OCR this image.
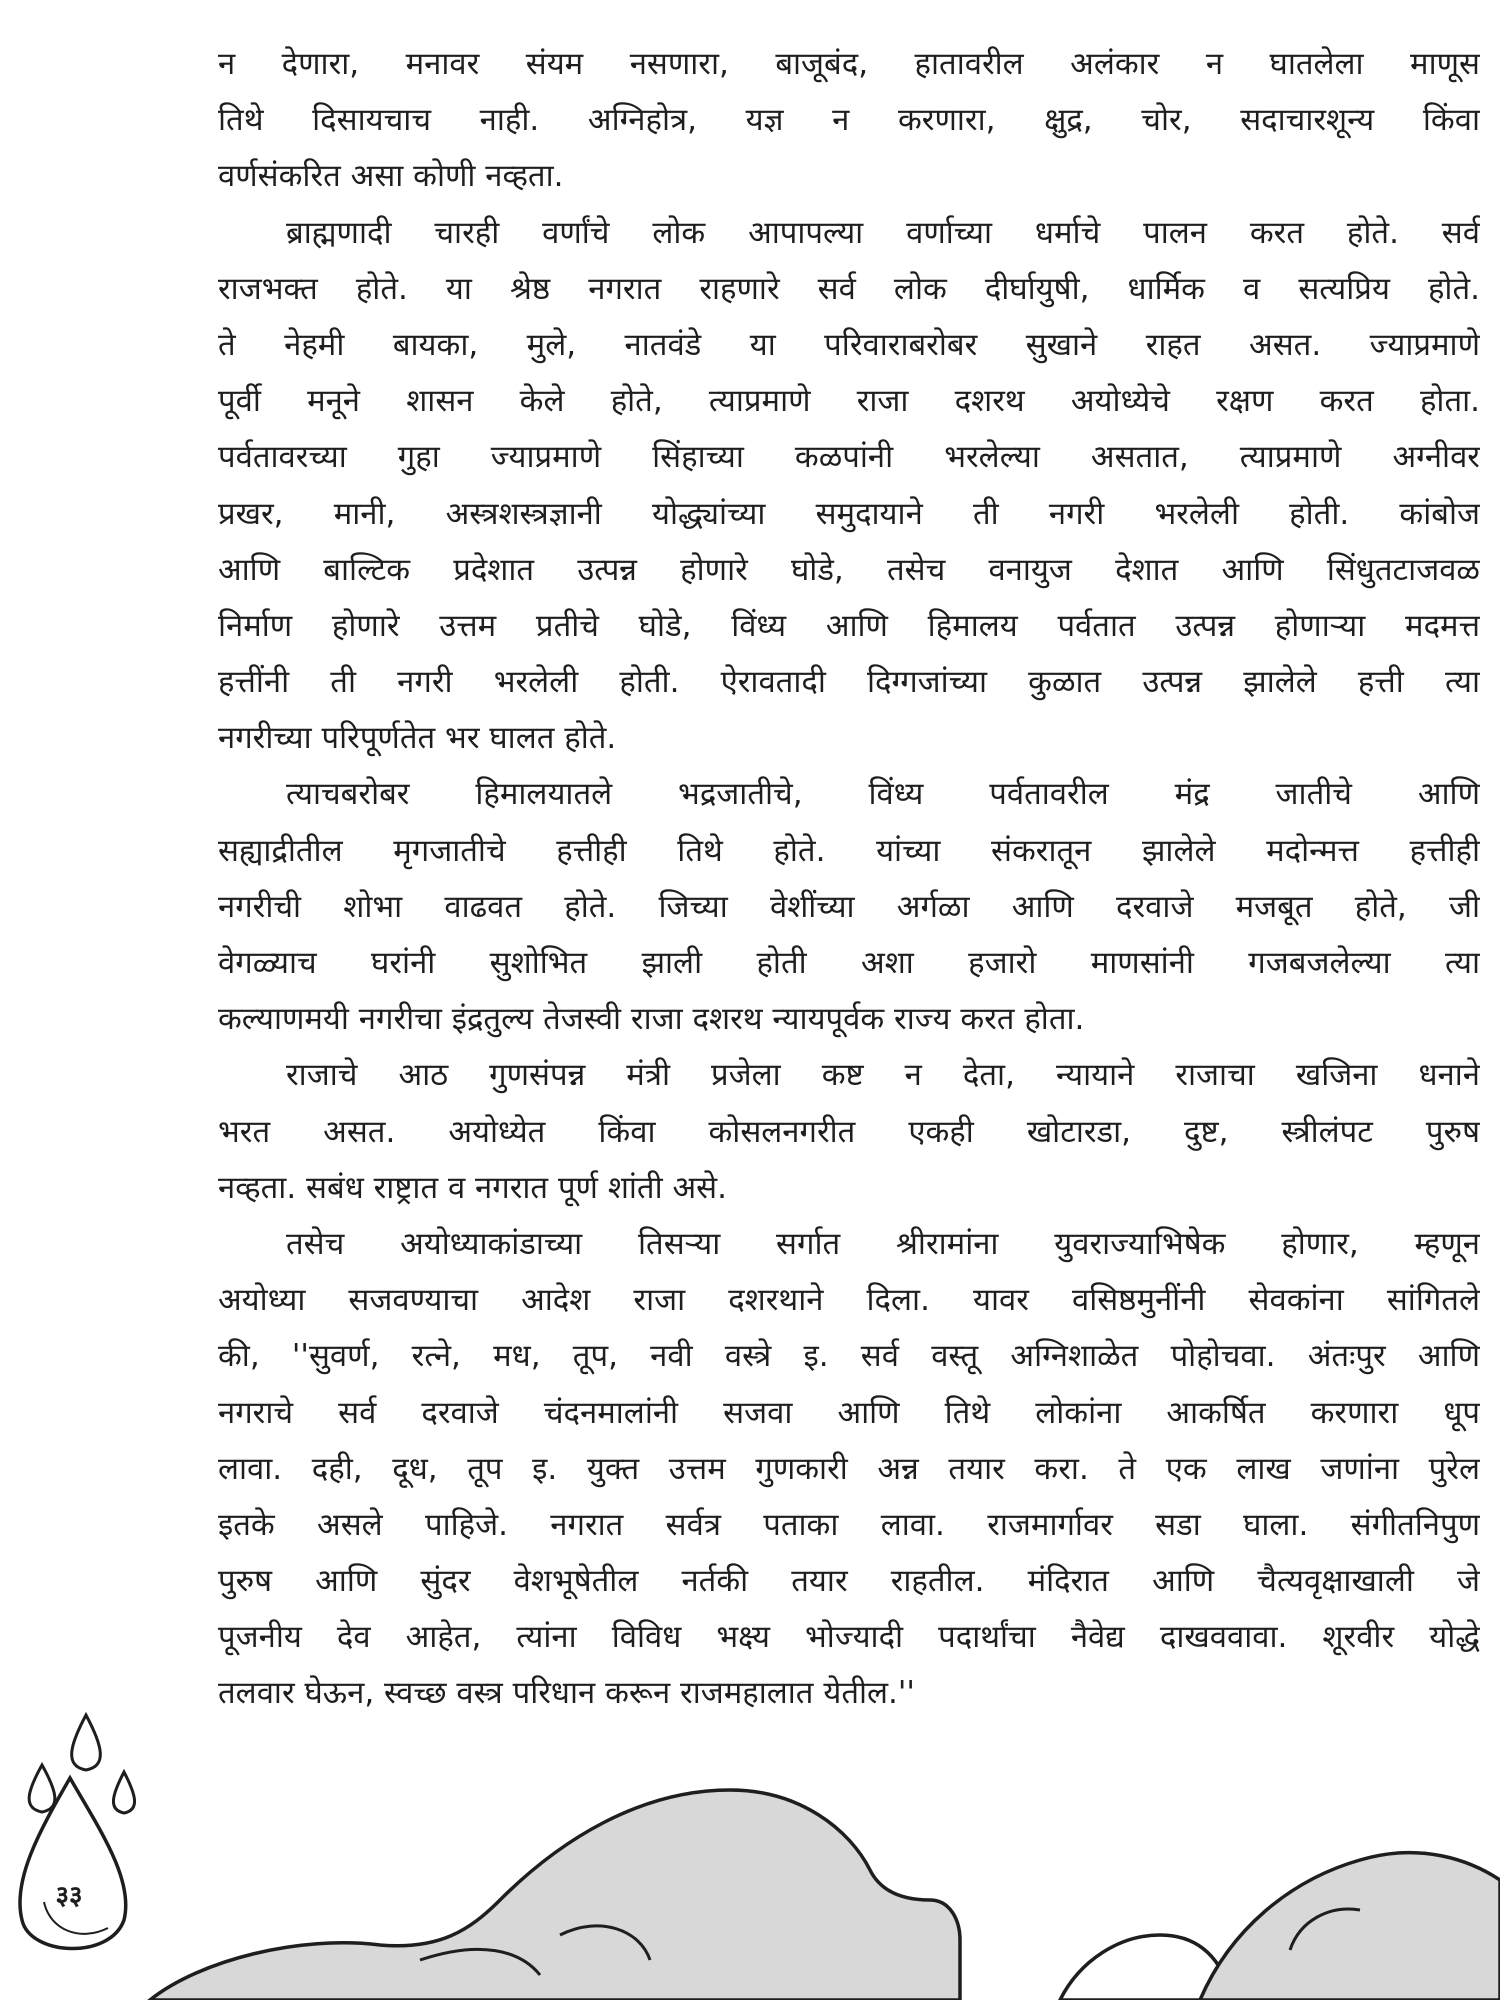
न देणारा, मनावर संयम नसणारा, बाजूबंद, हातावरील अलंकार न घातलेला माणूस
तिथे दिसायचाच नाही. अग्निहोत्र, यज्ञ न करणारा, क्षुद्र, चोर, सदाचारशून्य किंवा
वर्णसंकरित असा कोणी नव्हता.
ब्राह्मणादी चारही वर्णांचे लोक आपापल्या वर्णाच्या धर्माचे पालन करत होते. सर्व
राजभक्त होते. या श्रेष्ठ नगरात राहणारे सर्व लोक दीर्घायुषी, धार्मिक व सत्यप्रिय होते.
ते नेहमी बायका, मुले, नातवंडे या परिवाराबरोबर सुखाने राहत असत. ज्याप्रमाणे
पूर्वी मनूने शासन केले होते, त्याप्रमाणे राजा दशरथ अयोध्येचे रक्षण करत होता.
पर्वतावरच्या गुहा ज्याप्रमाणे सिंहाच्या कळपांनी भरलेल्या असतात, त्याप्रमाणे अग्नीवर
प्रखर, मानी, अस्त्रशस्त्रज्ञानी योद्ध्यांच्या समुदायाने ती नगरी भरलेली होती. कांबोज
आणि बाल्टिक प्रदेशात उत्पन्न होणारे घोडे, तसेच वनायुज देशात आणि सिंधुतटाजवळ
निर्माण होणारे उत्तम प्रतीचे घोडे, विंध्य आणि हिमालय पर्वतात उत्पन्न होणाऱ्या मदमत्त
हत्तींनी ती नगरी भरलेली होती. ऐरावतादी दिग्गजांच्या कुळात उत्पन्न झालेले हत्ती त्या
नगरीच्या परिपूर्णतेत भर घालत होते.
त्याचबरोबर हिमालयातले भद्रजातीचे, विंध्य पर्वतावरील मंद्र जातीचे आणि
सह्याद्रीतील मृगजातीचे हत्तीही तिथे होते. यांच्या संकरातून झालेले मदोन्मत्त हत्तीही
नगरीची शोभा वाढवत होते. जिच्या वेशींच्या अर्गळा आणि दरवाजे मजबूत होते, जी
वेगळ्याच घरांनी सुशोभित झाली होती अशा हजारो माणसांनी गजबजलेल्या त्या
कल्याणमयी नगरीचा इंद्रतुल्य तेजस्वी राजा दशरथ न्यायपूर्वक राज्य करत होता.
राजाचे आठ गुणसंपन्न मंत्री प्रजेला कष्ट न देता, न्यायाने राजाचा खजिना धनाने
भरत असत. अयोध्येत किंवा कोसलनगरीत एकही खोटारडा, दुष्ट, स्त्रीलंपट पुरुष
नव्हता. सबंध राष्ट्रात व नगरात पूर्ण शांती असे.
तसेच अयोध्याकांडाच्या तिसऱ्या सर्गात श्रीरामांना युवराज्याभिषेक होणार, म्हणून
अयोध्या सजवण्याचा आदेश राजा दशरथाने दिला. यावर वसिष्ठमुनींनी सेवकांना सांगितले
की, ''सुवर्ण, रत्ने, मध, तूप, नवी वस्त्रे इ. सर्व वस्तू अग्निशाळेत पोहोचवा. अंतःपुर आणि
नगराचे सर्व दरवाजे चंदनमालांनी सजवा आणि तिथे लोकांना आकर्षित करणारा धूप
लावा. दही, दूध, तूप इ. युक्त उत्तम गुणकारी अन्न तयार करा. ते एक लाख जणांना पुरेल
इतके असले पाहिजे. नगरात सर्वत्र पताका लावा. राजमार्गावर सडा घाला. संगीतनिपुण
पुरुष आणि सुंदर वेशभूषेतील नर्तकी तयार राहतील. मंदिरात आणि चैत्यवृक्षाखाली जे
पूजनीय देव आहेत, त्यांना विविध भक्ष्य भोज्यादी पदार्थांचा नैवेद्य दाखववावा. शूरवीर योद्धे
तलवार घेऊन, स्वच्छ वस्त्र परिधान करून राजमहालात येतील.''
३३
